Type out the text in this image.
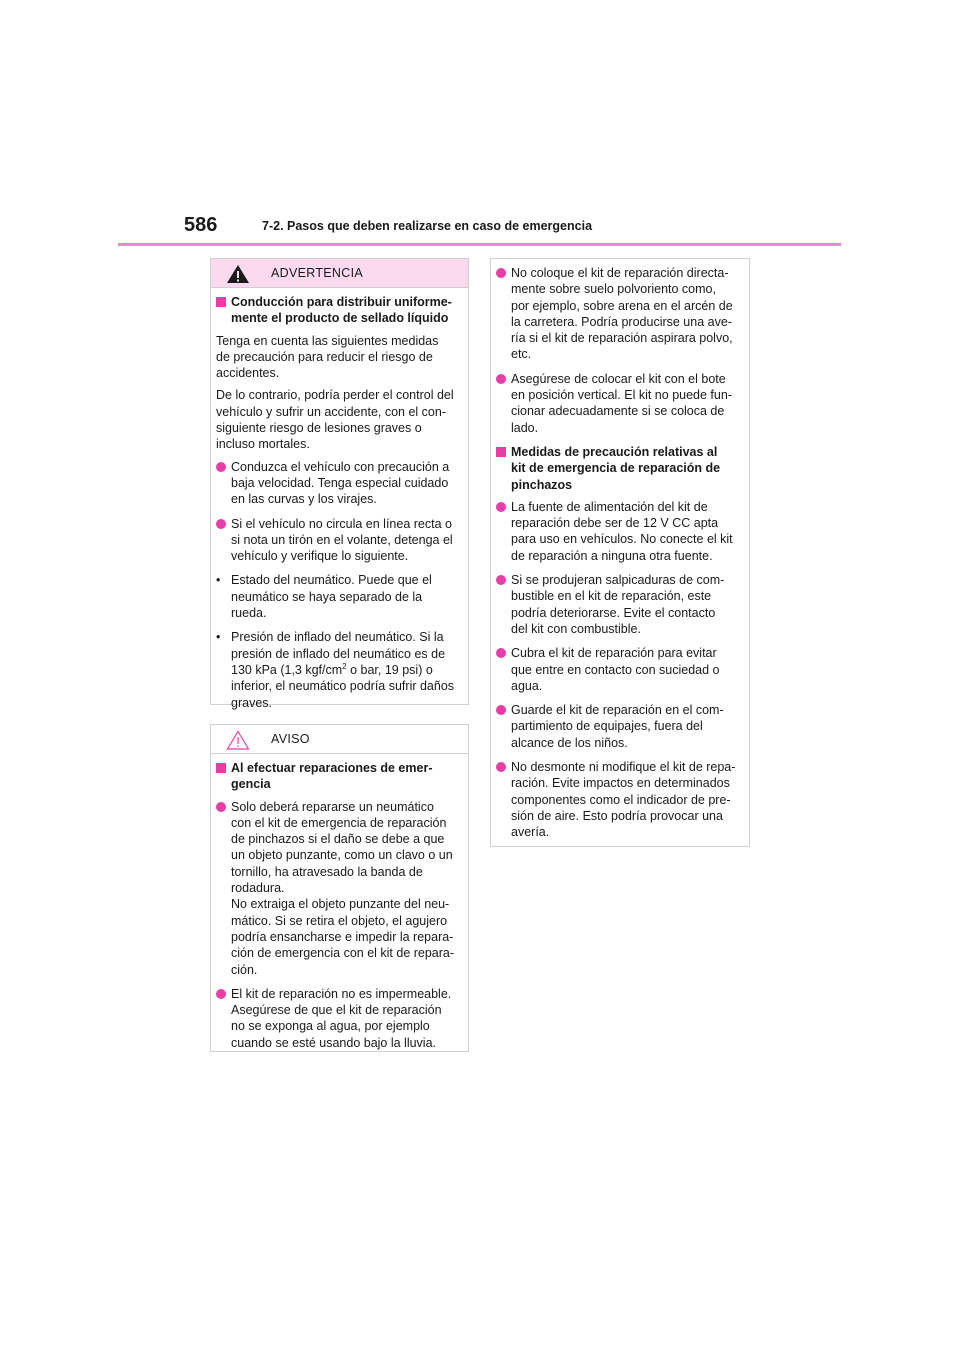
586	7-2. Pasos que deben realizarse en caso de emergencia
ADVERTENCIA
Conducción para distribuir uniforme-
mente el producto de sellado líquido

Tenga en cuenta las siguientes medidas
de precaución para reducir el riesgo de
accidentes.

De lo contrario, podría perder el control del
vehículo y sufrir un accidente, con el con-
siguiente riesgo de lesiones graves o
incluso mortales.

Conduzca el vehículo con precaución a
baja velocidad. Tenga especial cuidado
en las curvas y los virajes.
Si el vehículo no circula en línea recta o
si nota un tirón en el volante, detenga el
vehículo y verifique lo siguiente.
• Estado del neumático. Puede que el
neumático se haya separado de la
rueda.
• Presión de inflado del neumático. Si la
presión de inflado del neumático es de
130 kPa (1,3 kgf/$cm^2$ o bar, 19 psi) o
inferior, el neumático podría sufrir daños
graves.
AVISO
Al efectuar reparaciones de emer-
gencia
Solo deberá repararse un neumático
con el kit de emergencia de reparación
de pinchazos si el daño se debe a que
un objeto punzante, como un clavo o un
tornillo, ha atravesado la banda de
rodadura.
No extraiga el objeto punzante del neu-
mático. Si se retira el objeto, el agujero
podría ensancharse e impedir la repara-
ción de emergencia con el kit de repara-
ción.
El kit de reparación no es impermeable.
Asegúrese de que el kit de reparación
no se exponga al agua, por ejemplo
cuando se esté usando bajo la lluvia.
No coloque el kit de reparación directa-
mente sobre suelo polvoriento como,
por ejemplo, sobre arena en el arcén de
la carretera. Podría producirse una ave-
ría si el kit de reparación aspirara polvo,
etc.
Asegúrese de colocar el kit con el bote
en posición vertical. El kit no puede fun-
cionar adecuadamente si se coloca de
lado.
Medidas de precaución relativas al
kit de emergencia de reparación de
pinchazos
La fuente de alimentación del kit de
reparación debe ser de 12 V CC apta
para uso en vehículos. No conecte el kit
de reparación a ninguna otra fuente.
Si se produjeran salpicaduras de com-
bustible en el kit de reparación, este
podría deteriorarse. Evite el contacto
del kit con combustible.
Cubra el kit de reparación para evitar
que entre en contacto con suciedad o
agua.
Guarde el kit de reparación en el com-
partimiento de equipajes, fuera del
alcance de los niños.
No desmonte ni modifique el kit de repa-
ración. Evite impactos en determinados
componentes como el indicador de pre-
sión de aire. Esto podría provocar una
avería.
